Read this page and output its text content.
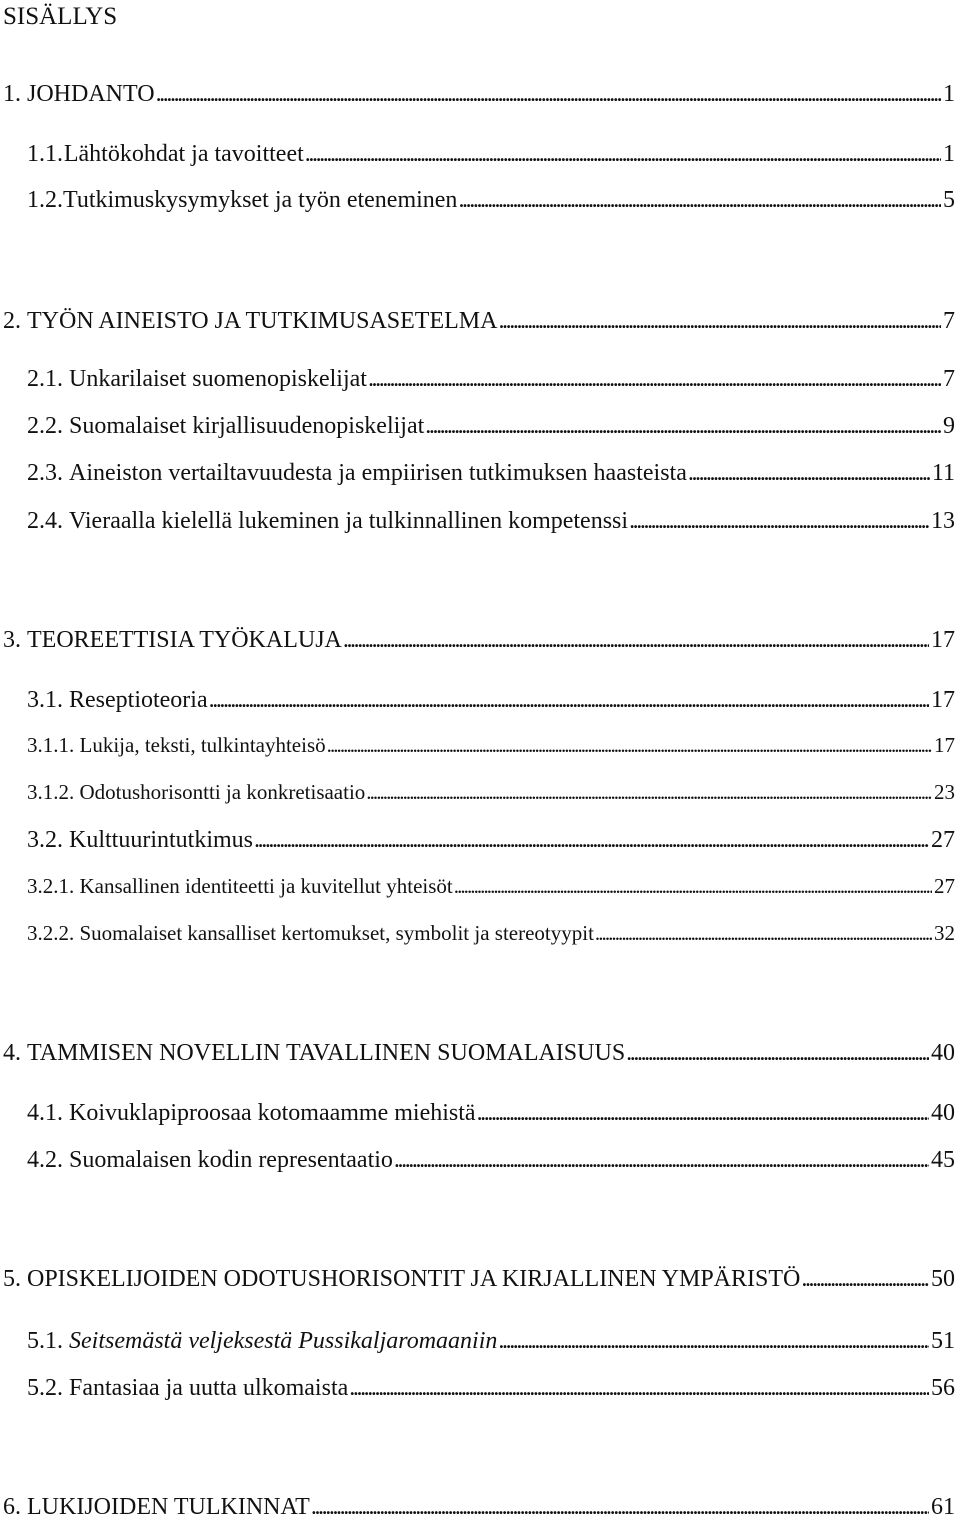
SISÄLLYS
1. JOHDANTO . . .	1
1.1. Lähtökohdat ja tavoitteet . . .	1
1.2. Tutkimuskysymykset ja työn eteneminen . . .	5
2. TYÖN AINEISTO JA TUTKIMUSASETELMA . . .	7
2.1. Unkarilaiset suomenopiskelijat . . .	7
2.2. Suomalaiset kirjallisuudenopiskelijat . . .	9
2.3. Aineiston vertailtavuudesta ja empiirisen tutkimuksen haasteista . . .	11
2.4. Vieraalla kielellä lukeminen ja tulkinnallinen kompetenssi . . .	13
3. TEOREETTISIA TYÖKALUJA . . .	17
3.1. Reseptioteoria . . .	17
3.1.1. Lukija, teksti, tulkintayhteisö . . .	17
3.1.2. Odotushorisontti ja konkretisaatio . . .	23
3.2. Kulttuurintutkimus . . .	27
3.2.1. Kansallinen identiteetti ja kuvitellut yhteisöt . . .	27
3.2.2. Suomalaiset kansalliset kertomukset, symbolit ja stereotyypit . . .	32
4. TAMMISEN NOVELLIN TAVALLINEN SUOMALAISUUS . . .	40
4.1. Koivuklapiproosaa kotomaamme miehistä . . .	40
4.2. Suomalaisen kodin representaatio . . .	45
5. OPISKELIJOIDEN ODOTUSHORISONTIT JA KIRJALLINEN YMPÄRISTÖ . . .	50
5.1. Seitsemästä veljeksestä Pussikaljaromaaniin . . .	51
5.2. Fantasiaa ja uutta ulkomaista . . .	56
6. LUKIJOIDEN TULKINNAT . . .	61
